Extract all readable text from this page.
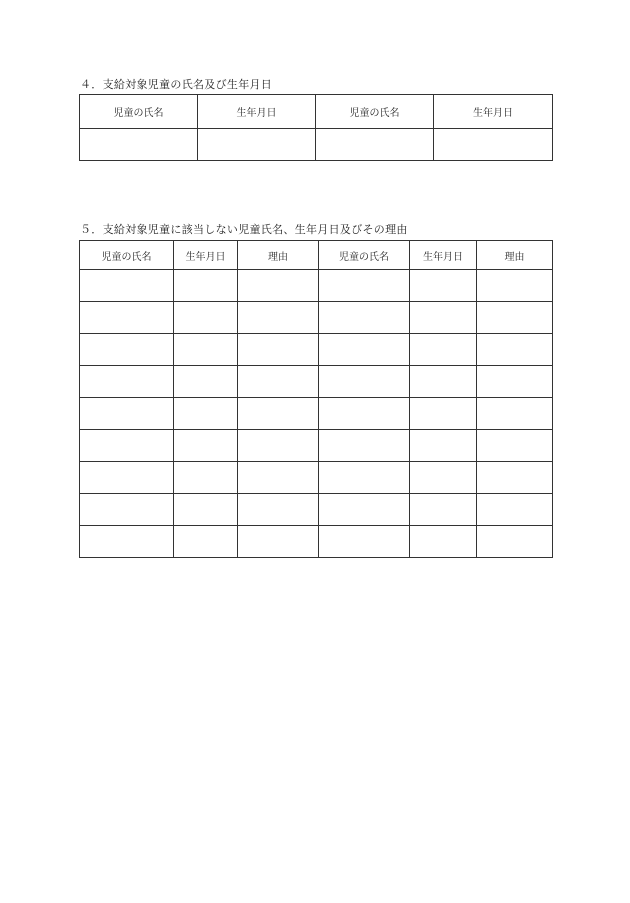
４．支給対象児童の氏名及び生年月日
児童の氏名	生年月日	児童の氏名	生年月日

５．支給対象児童に該当しない児童氏名、生年月日及びその理由
児童の氏名	生年月日	理由	児童の氏名	生年月日	理由
